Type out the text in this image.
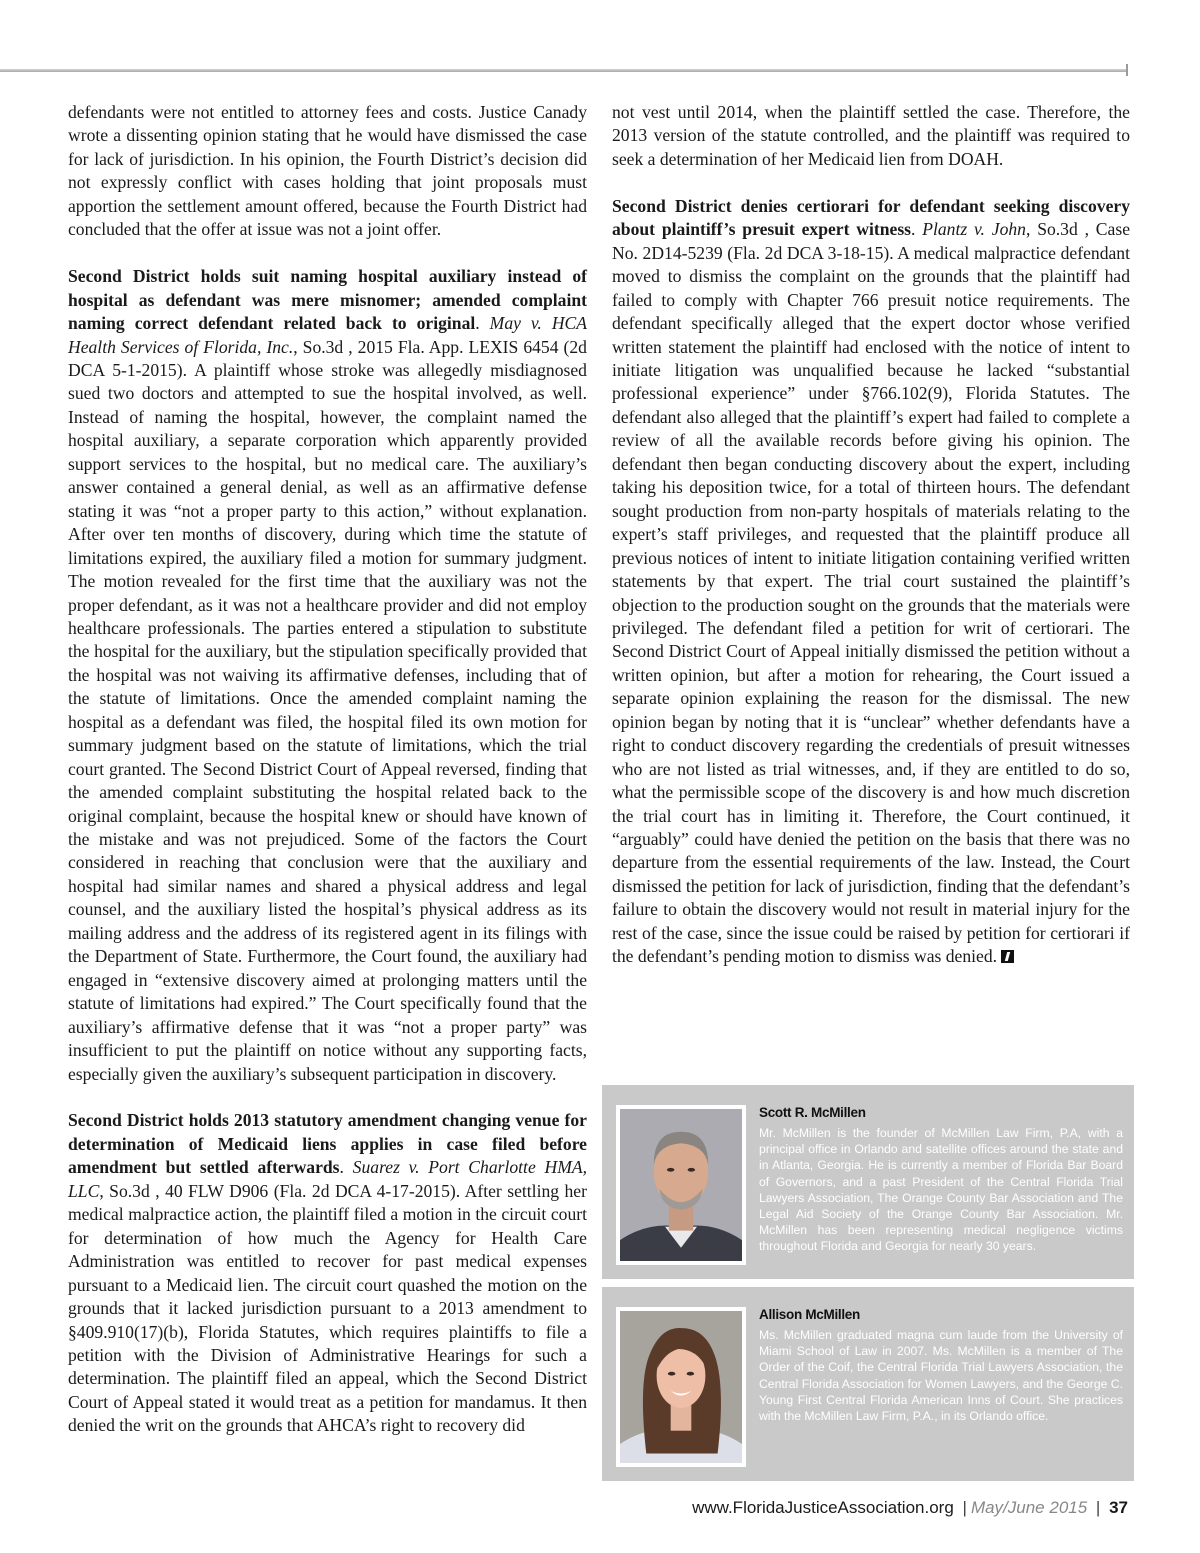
defendants were not entitled to attorney fees and costs. Justice Canady wrote a dissenting opinion stating that he would have dismissed the case for lack of jurisdiction. In his opinion, the Fourth District’s decision did not expressly conflict with cases holding that joint proposals must apportion the settlement amount offered, because the Fourth District had concluded that the offer at issue was not a joint offer.

Second District holds suit naming hospital auxiliary instead of hospital as defendant was mere misnomer; amended complaint naming correct defendant related back to original. May v. HCA Health Services of Florida, Inc., So.3d , 2015 Fla. App. LEXIS 6454 (2d DCA 5-1-2015). A plaintiff whose stroke was allegedly misdiagnosed sued two doctors and attempted to sue the hospital involved, as well. Instead of naming the hospital, however, the complaint named the hospital auxiliary, a separate corporation which apparently provided support services to the hospital, but no medical care. The auxiliary’s answer contained a general denial, as well as an affirmative defense stating it was “not a proper party to this action,” without explanation. After over ten months of discovery, during which time the statute of limitations expired, the auxiliary filed a motion for summary judgment. The motion revealed for the first time that the auxiliary was not the proper defendant, as it was not a healthcare provider and did not employ healthcare professionals. The parties entered a stipulation to substitute the hospital for the auxiliary, but the stipulation specifically provided that the hospital was not waiving its affirmative defenses, including that of the statute of limitations. Once the amended complaint naming the hospital as a defendant was filed, the hospital filed its own motion for summary judgment based on the statute of limitations, which the trial court granted. The Second District Court of Appeal reversed, finding that the amended complaint substituting the hospital related back to the original complaint, because the hospital knew or should have known of the mistake and was not prejudiced. Some of the factors the Court considered in reaching that conclusion were that the auxiliary and hospital had similar names and shared a physical address and legal counsel, and the auxiliary listed the hospital’s physical address as its mailing address and the address of its registered agent in its filings with the Department of State. Furthermore, the Court found, the auxiliary had engaged in “extensive discovery aimed at prolonging matters until the statute of limitations had expired.” The Court specifically found that the auxiliary’s affirmative defense that it was “not a proper party” was insufficient to put the plaintiff on notice without any supporting facts, especially given the auxiliary’s subsequent participation in discovery.

Second District holds 2013 statutory amendment changing venue for determination of Medicaid liens applies in case filed before amendment but settled afterwards. Suarez v. Port Charlotte HMA, LLC, So.3d , 40 FLW D906 (Fla. 2d DCA 4-17-2015). After settling her medical malpractice action, the plaintiff filed a motion in the circuit court for determination of how much the Agency for Health Care Administration was entitled to recover for past medical expenses pursuant to a Medicaid lien. The circuit court quashed the motion on the grounds that it lacked jurisdiction pursuant to a 2013 amendment to §409.910(17)(b), Florida Statutes, which requires plaintiffs to file a petition with the Division of Administrative Hearings for such a determination. The plaintiff filed an appeal, which the Second District Court of Appeal stated it would treat as a petition for mandamus. It then denied the writ on the grounds that AHCA’s right to recovery did

not vest until 2014, when the plaintiff settled the case. Therefore, the 2013 version of the statute controlled, and the plaintiff was required to seek a determination of her Medicaid lien from DOAH.

Second District denies certiorari for defendant seeking discovery about plaintiff’s presuit expert witness. Plantz v. John, So.3d , Case No. 2D14-5239 (Fla. 2d DCA 3-18-15). A medical malpractice defendant moved to dismiss the complaint on the grounds that the plaintiff had failed to comply with Chapter 766 presuit notice requirements. The defendant specifically alleged that the expert doctor whose verified written statement the plaintiff had enclosed with the notice of intent to initiate litigation was unqualified because he lacked “substantial professional experience” under §766.102(9), Florida Statutes. The defendant also alleged that the plaintiff’s expert had failed to complete a review of all the available records before giving his opinion. The defendant then began conducting discovery about the expert, including taking his deposition twice, for a total of thirteen hours. The defendant sought production from non-party hospitals of materials relating to the expert’s staff privileges, and requested that the plaintiff produce all previous notices of intent to initiate litigation containing verified written statements by that expert. The trial court sustained the plaintiff’s objection to the production sought on the grounds that the materials were privileged. The defendant filed a petition for writ of certiorari. The Second District Court of Appeal initially dismissed the petition without a written opinion, but after a motion for rehearing, the Court issued a separate opinion explaining the reason for the dismissal. The new opinion began by noting that it is “unclear” whether defendants have a right to conduct discovery regarding the credentials of presuit witnesses who are not listed as trial witnesses, and, if they are entitled to do so, what the permissible scope of the discovery is and how much discretion the trial court has in limiting it. Therefore, the Court continued, it “arguably” could have denied the petition on the basis that there was no departure from the essential requirements of the law. Instead, the Court dismissed the petition for lack of jurisdiction, finding that the defendant’s failure to obtain the discovery would not result in material injury for the rest of the case, since the issue could be raised by petition for certiorari if the defendant’s pending motion to dismiss was denied.

Scott R. McMillen
Mr. McMillen is the founder of McMillen Law Firm, P.A, with a principal office in Orlando and satellite offices around the state and in Atlanta, Georgia. He is currently a member of Florida Bar Board of Governors, and a past President of the Central Florida Trial Lawyers Association, The Orange County Bar Association and The Legal Aid Society of the Orange County Bar Association. Mr. McMillen has been representing medical negligence victims throughout Florida and Georgia for nearly 30 years.
Allison McMillen
Ms. McMillen graduated magna cum laude from the University of Miami School of Law in 2007. Ms. McMillen is a member of The Order of the Coif, the Central Florida Trial Lawyers Association, the Central Florida Association for Women Lawyers, and the George C. Young First Central Florida American Inns of Court. She practices with the McMillen Law Firm, P.A., in its Orlando office.
www.FloridaJusticeAssociation.org | May/June 2015 | 37
